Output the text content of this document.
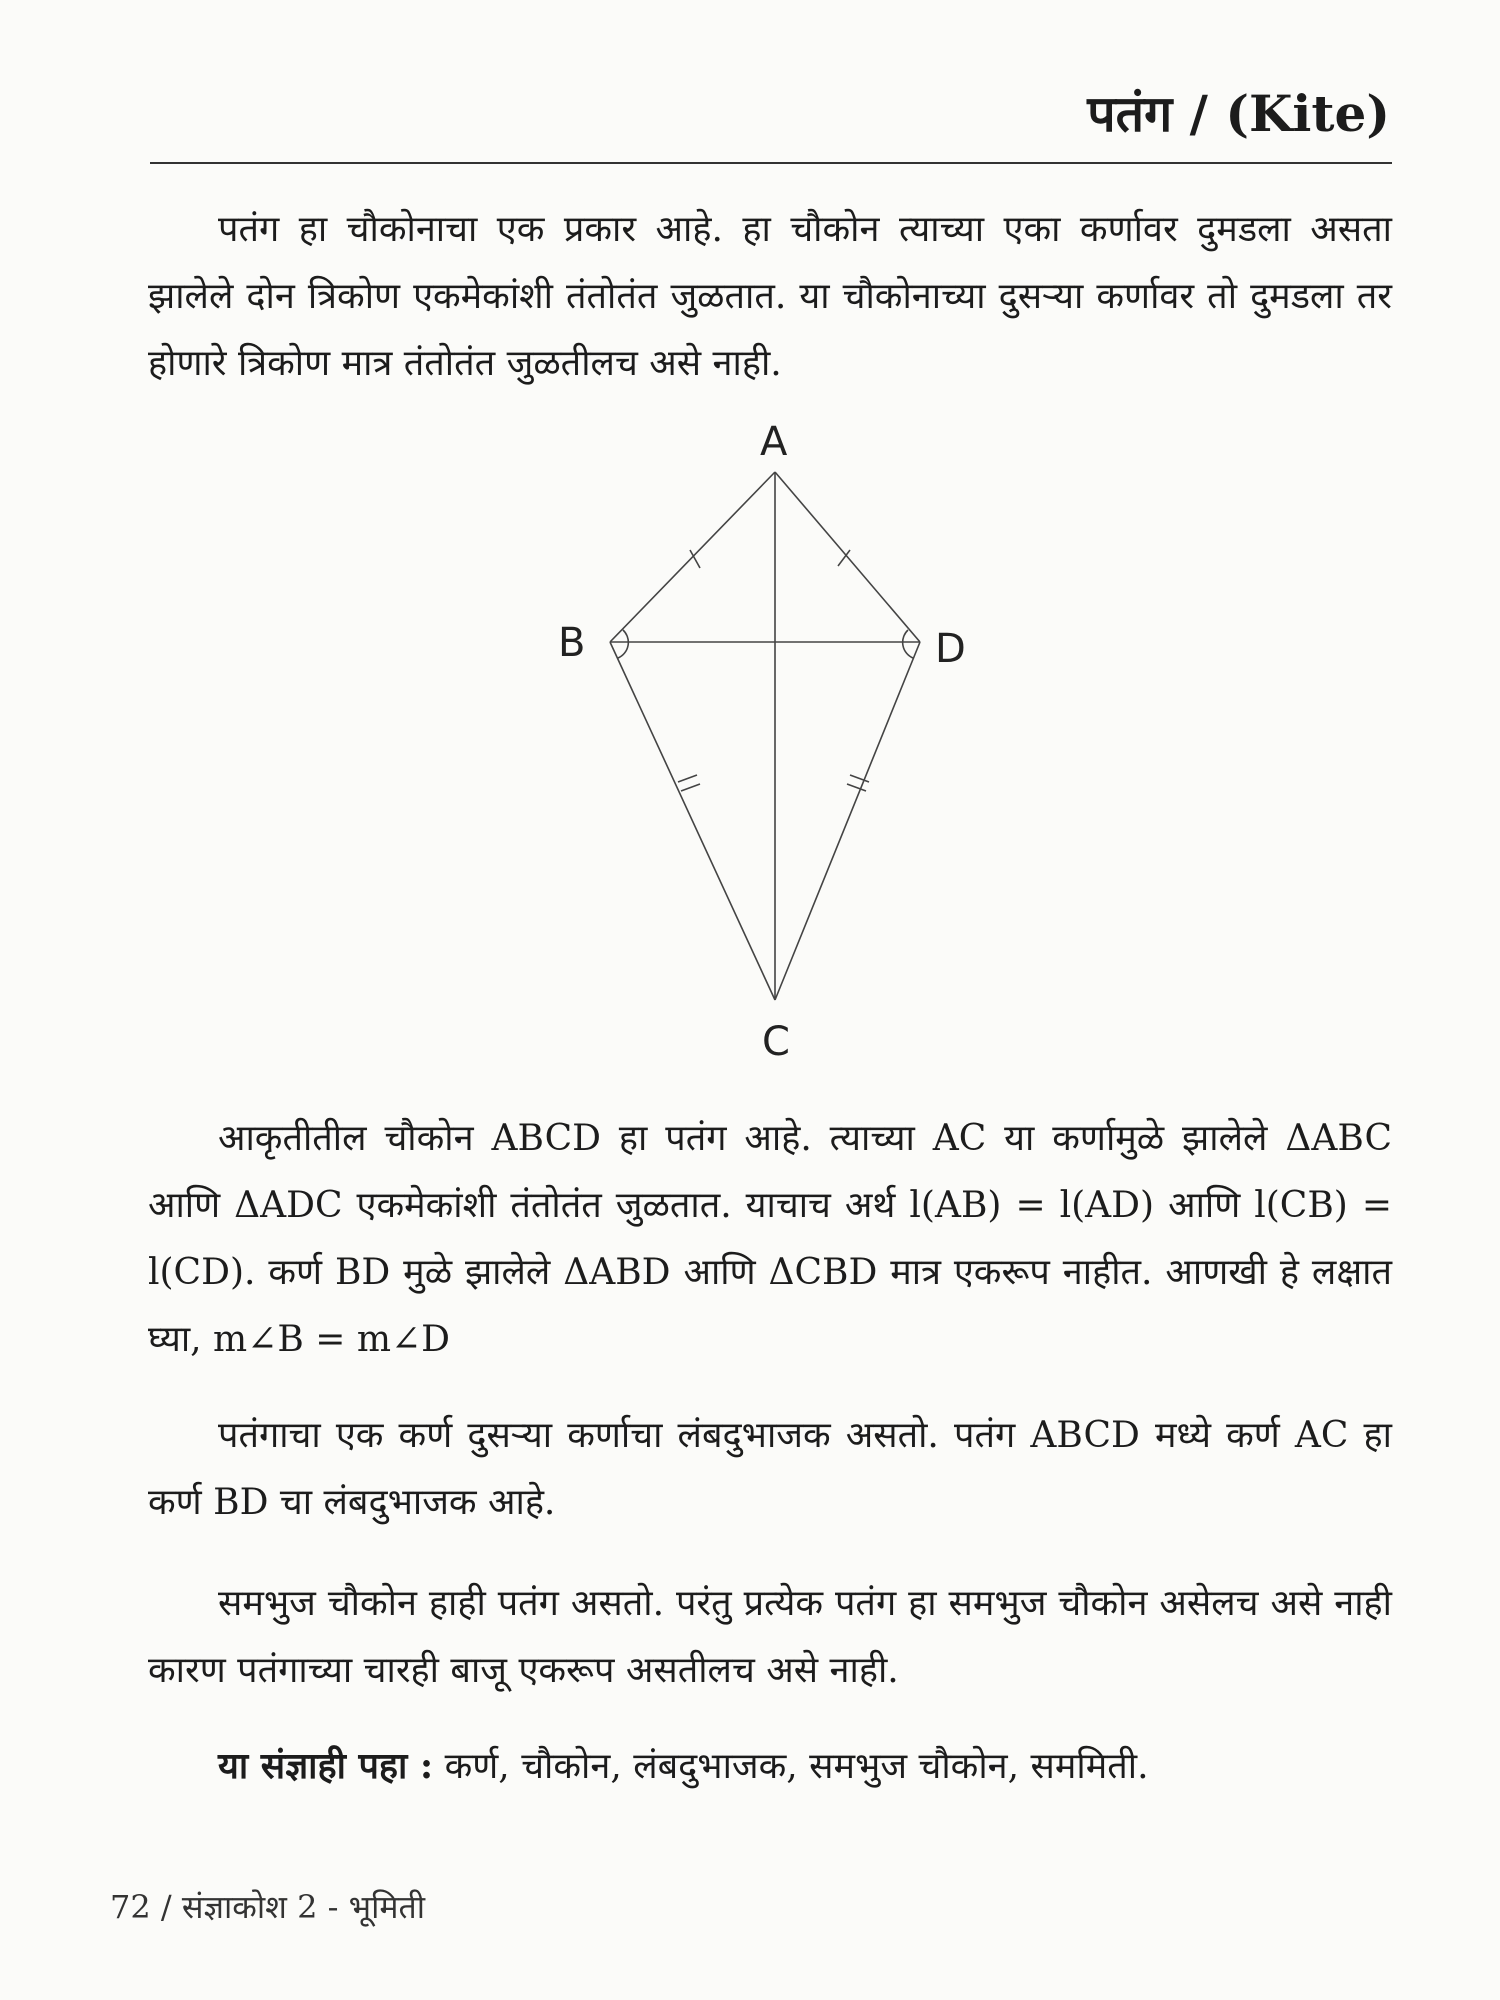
पतंग / (Kite)

पतंग हा चौकोनाचा एक प्रकार आहे. हा चौकोन त्याच्या एका कर्णावर दुमडला असता झालेले दोन त्रिकोण एकमेकांशी तंतोतंत जुळतात. या चौकोनाच्या दुसऱ्या कर्णावर तो दुमडला तर होणारे त्रिकोण मात्र तंतोतंत जुळतीलच असे नाही.

A
B	D
C

आकृतीतील चौकोन ABCD हा पतंग आहे. त्याच्या AC या कर्णामुळे झालेले ΔABC आणि ΔADC एकमेकांशी तंतोतंत जुळतात. याचाच अर्थ l(AB) = l(AD) आणि l(CB) = l(CD). कर्ण BD मुळे झालेले ΔABD आणि ΔCBD मात्र एकरूप नाहीत. आणखी हे लक्षात घ्या, m∠B = m∠D

पतंगाचा एक कर्ण दुसऱ्या कर्णाचा लंबदुभाजक असतो. पतंग ABCD मध्ये कर्ण AC हा कर्ण BD चा लंबदुभाजक आहे.

समभुज चौकोन हाही पतंग असतो. परंतु प्रत्येक पतंग हा समभुज चौकोन असेलच असे नाही कारण पतंगाच्या चारही बाजू एकरूप असतीलच असे नाही.

या संज्ञाही पहा : कर्ण, चौकोन, लंबदुभाजक, समभुज चौकोन, सममिती.
72 / संज्ञाकोश 2 - भूमिती
